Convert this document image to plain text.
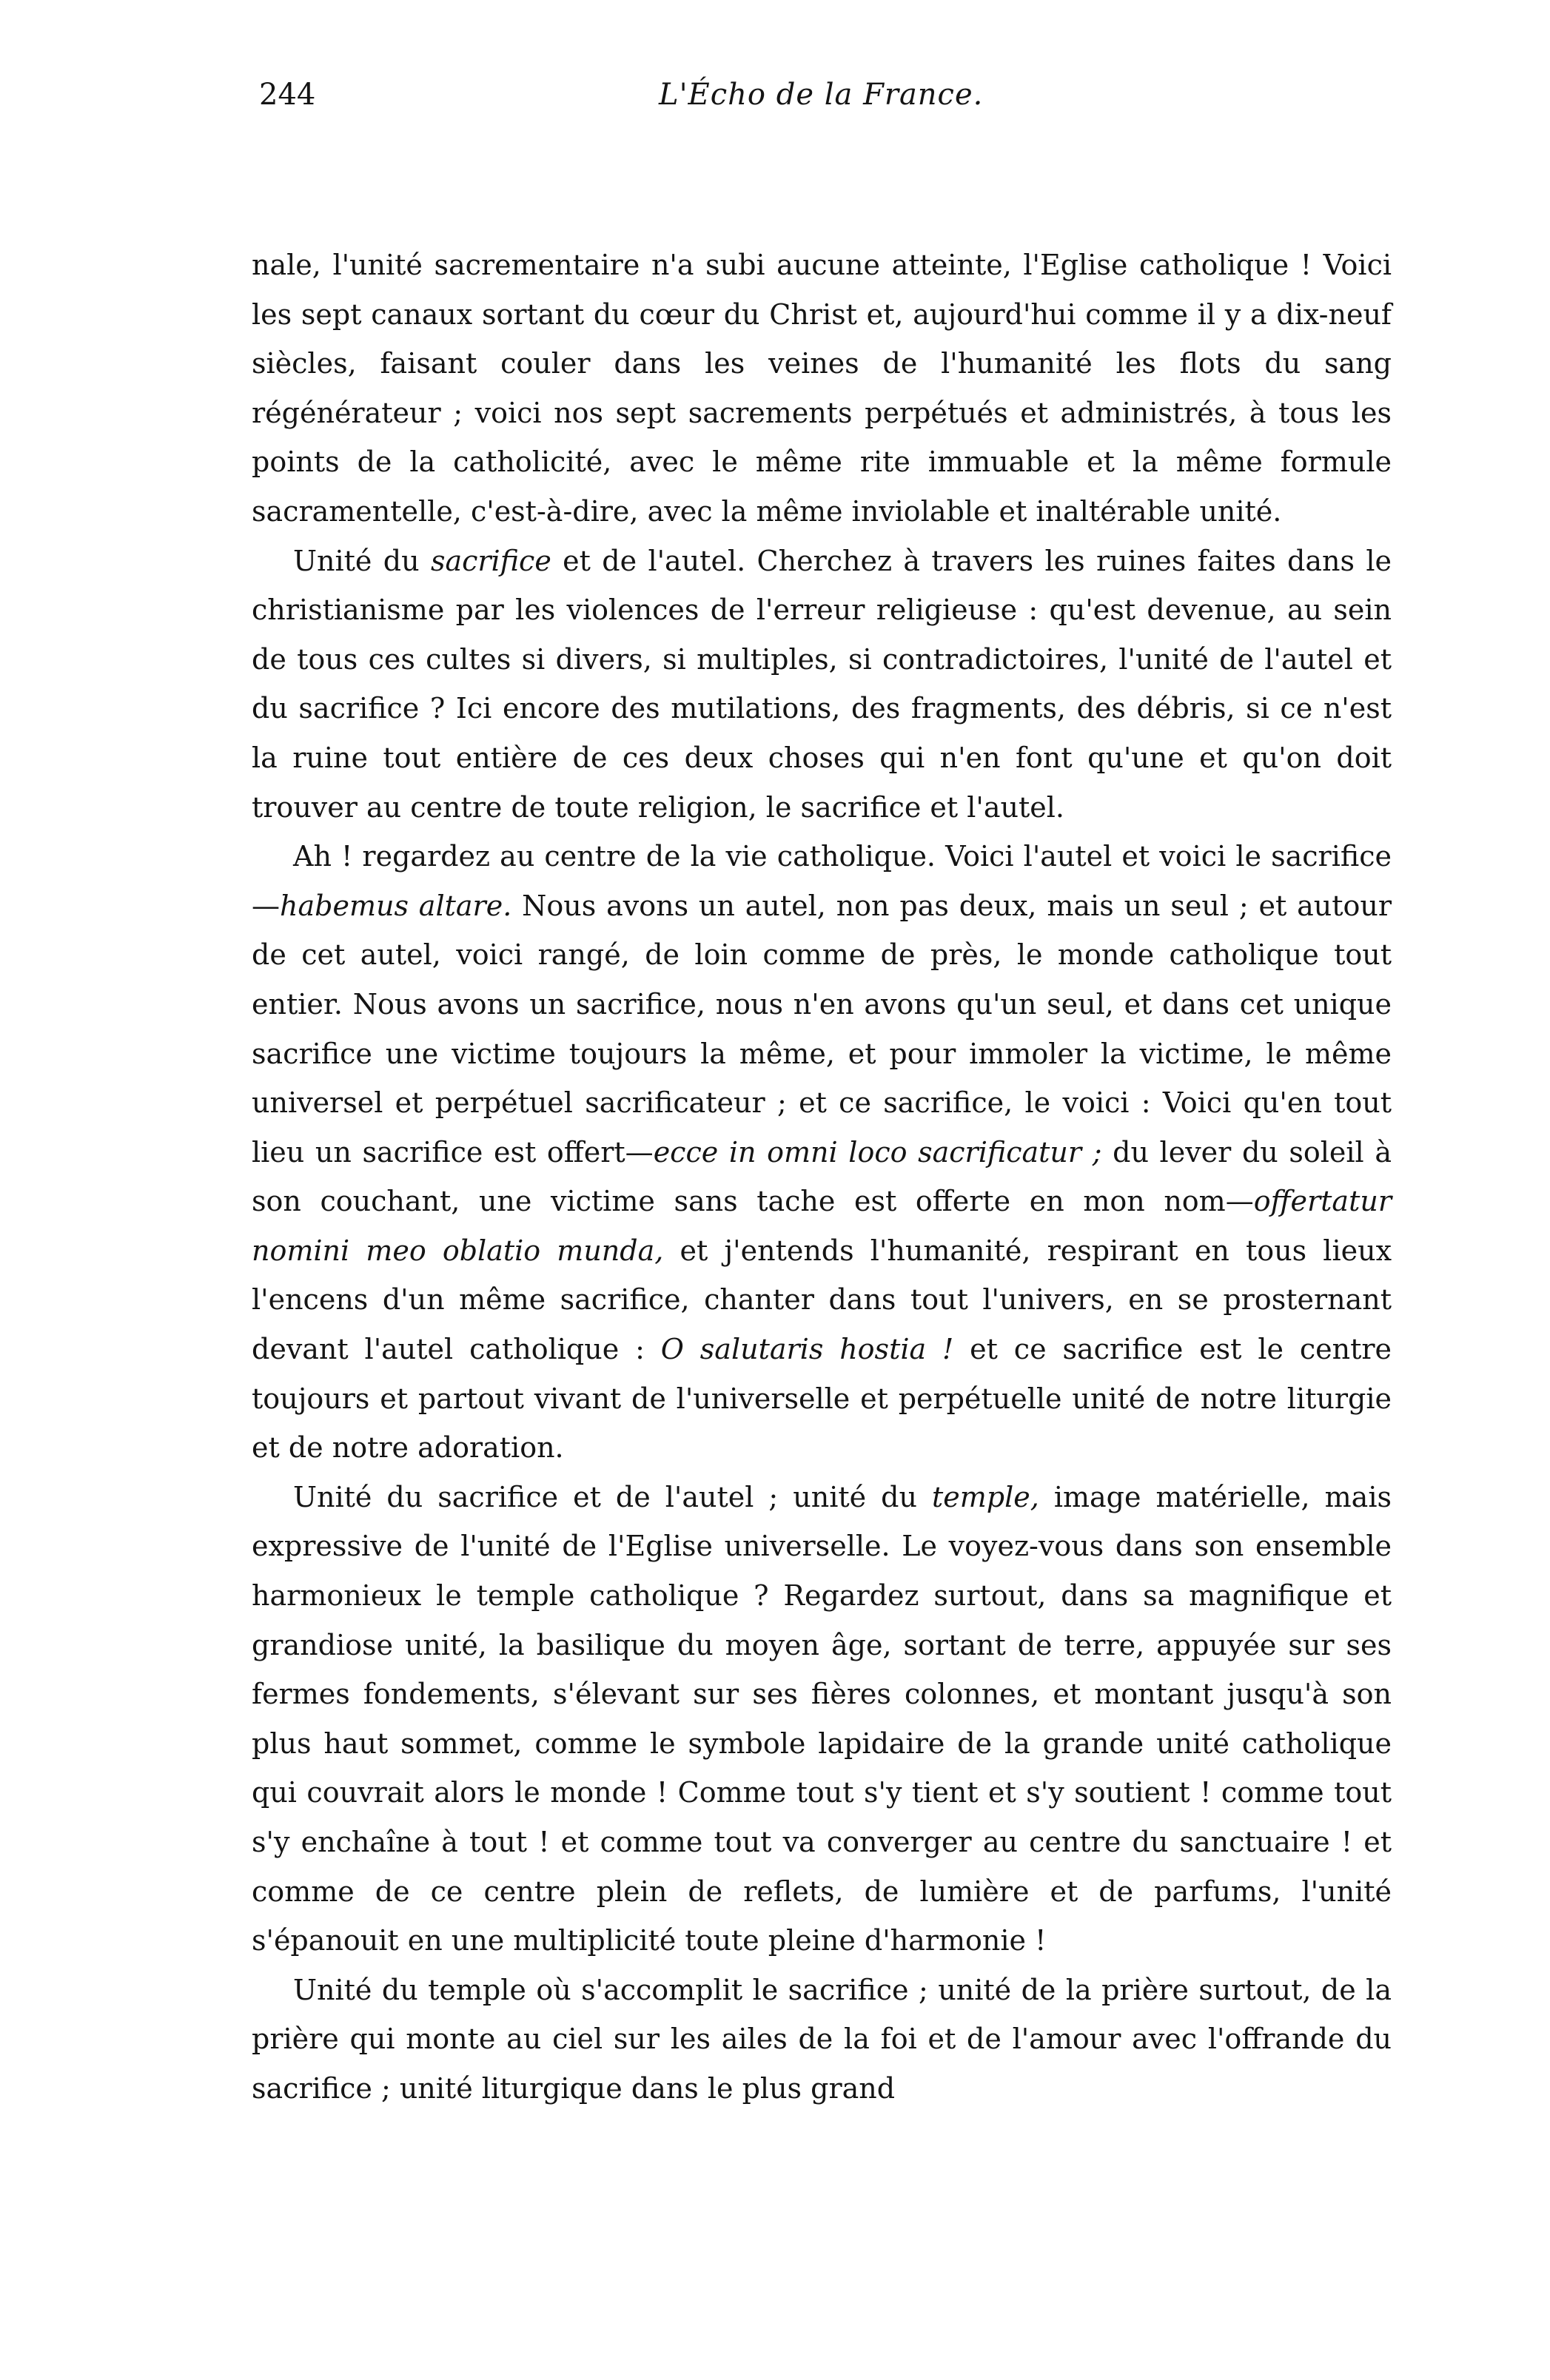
244	L'Écho de la France.

nale, l'unité sacrementaire n'a subi aucune atteinte, l'Eglise catholique ! Voici les sept canaux sortant du cœur du Christ et, aujourd'hui comme il y a dix-neuf siècles, faisant couler dans les veines de l'humanité les flots du sang régénérateur ; voici nos sept sacrements perpétués et administrés, à tous les points de la catholicité, avec le même rite immuable et la même formule sacramentelle, c'est-à-dire, avec la même inviolable et inaltérable unité.

Unité du sacrifice et de l'autel. Cherchez à travers les ruines faites dans le christianisme par les violences de l'erreur religieuse : qu'est devenue, au sein de tous ces cultes si divers, si multiples, si contradictoires, l'unité de l'autel et du sacrifice ? Ici encore des mutilations, des fragments, des débris, si ce n'est la ruine tout entière de ces deux choses qui n'en font qu'une et qu'on doit trouver au centre de toute religion, le sacrifice et l'autel.

Ah ! regardez au centre de la vie catholique. Voici l'autel et voici le sacrifice—habemus altare. Nous avons un autel, non pas deux, mais un seul ; et autour de cet autel, voici rangé, de loin comme de près, le monde catholique tout entier. Nous avons un sacrifice, nous n'en avons qu'un seul, et dans cet unique sacrifice une victime toujours la même, et pour immoler la victime, le même universel et perpétuel sacrificateur ; et ce sacrifice, le voici : Voici qu'en tout lieu un sacrifice est offert—ecce in omni loco sacrificatur ; du lever du soleil à son couchant, une victime sans tache est offerte en mon nom—offertatur nomini meo oblatio munda, et j'entends l'humanité, respirant en tous lieux l'encens d'un même sacrifice, chanter dans tout l'univers, en se prosternant devant l'autel catholique : O salutaris hostia ! et ce sacrifice est le centre toujours et partout vivant de l'universelle et perpétuelle unité de notre liturgie et de notre adoration.

Unité du sacrifice et de l'autel ; unité du temple, image matérielle, mais expressive de l'unité de l'Eglise universelle. Le voyez-vous dans son ensemble harmonieux le temple catholique ? Regardez surtout, dans sa magnifique et grandiose unité, la basilique du moyen âge, sortant de terre, appuyée sur ses fermes fondements, s'élevant sur ses fières colonnes, et montant jusqu'à son plus haut sommet, comme le symbole lapidaire de la grande unité catholique qui couvrait alors le monde ! Comme tout s'y tient et s'y soutient ! comme tout s'y enchaîne à tout ! et comme tout va converger au centre du sanctuaire ! et comme de ce centre plein de reflets, de lumière et de parfums, l'unité s'épanouit en une multiplicité toute pleine d'harmonie !

Unité du temple où s'accomplit le sacrifice ; unité de la prière surtout, de la prière qui monte au ciel sur les ailes de la foi et de l'amour avec l'offrande du sacrifice ; unité liturgique dans le plus grand
